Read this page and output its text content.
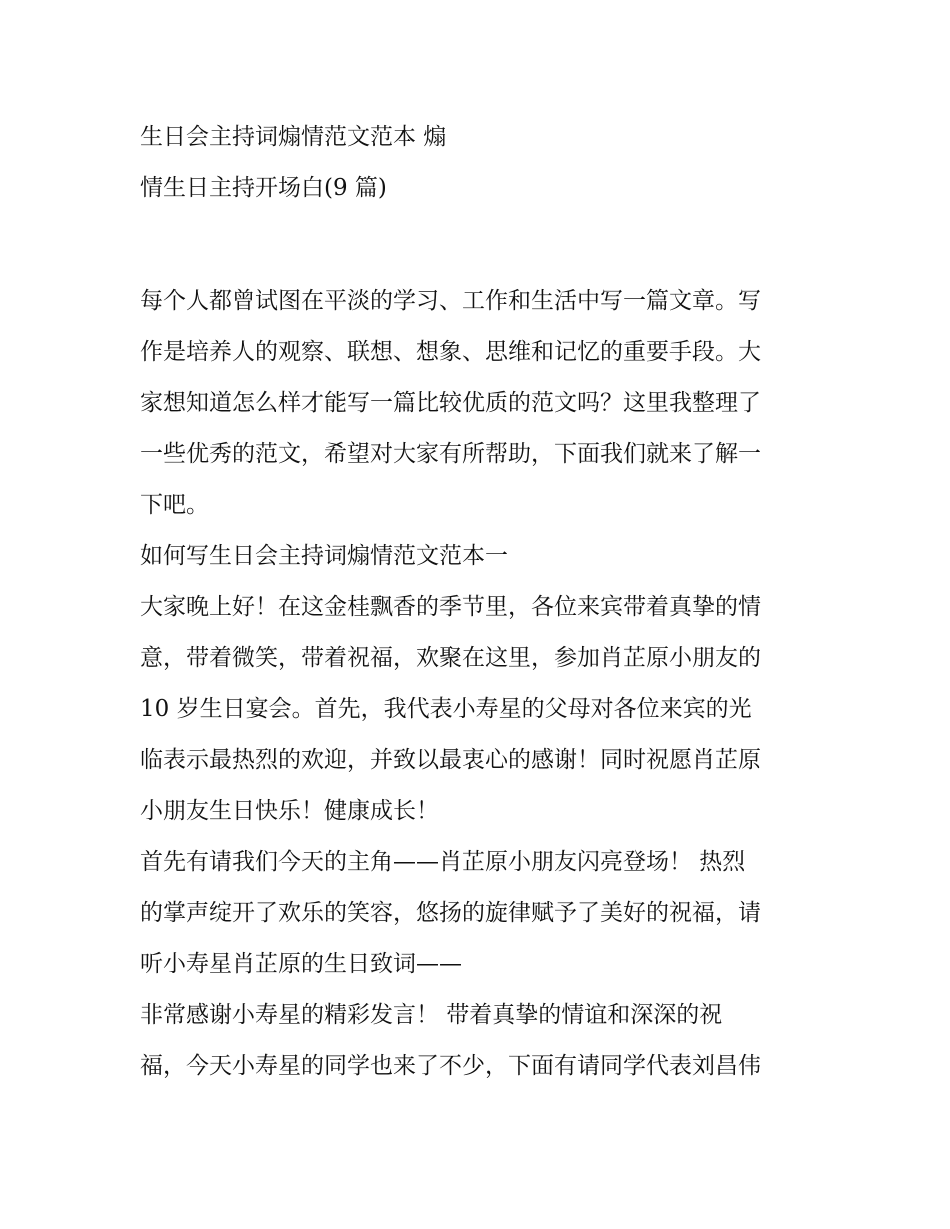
生日会主持词煽情范文范本 煽
情生日主持开场白(9 篇)
每个人都曾试图在平淡的学习、工作和生活中写一篇文章。写
作是培养人的观察、联想、想象、思维和记忆的重要手段。大
家想知道怎么样才能写一篇比较优质的范文吗？这里我整理了
一些优秀的范文，希望对大家有所帮助，下面我们就来了解一
下吧。
如何写生日会主持词煽情范文范本一
大家晚上好！在这金桂飘香的季节里，各位来宾带着真挚的情
意，带着微笑，带着祝福，欢聚在这里，参加肖芷原小朋友的
10 岁生日宴会。首先，我代表小寿星的父母对各位来宾的光
临表示最热烈的欢迎，并致以最衷心的感谢！同时祝愿肖芷原
小朋友生日快乐！健康成长！
首先有请我们今天的主角——肖芷原小朋友闪亮登场！ 热烈
的掌声绽开了欢乐的笑容，悠扬的旋律赋予了美好的祝福，请
听小寿星肖芷原的生日致词——
非常感谢小寿星的精彩发言！ 带着真挚的情谊和深深的祝
福，今天小寿星的同学也来了不少，下面有请同学代表刘昌伟
